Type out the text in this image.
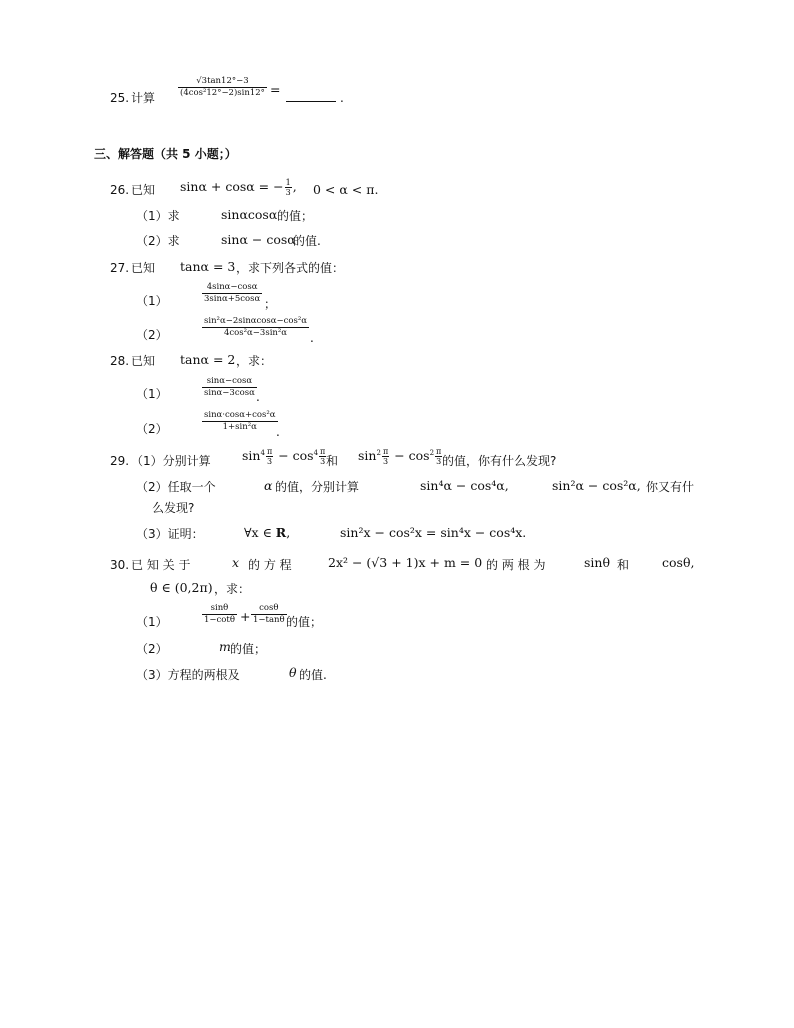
25. 计算	$\frac{√3\tan 12^\circ-3}{\text{(4cos²12°−2)sin12°}}$ =
.
三、解答题（共 5 小题；）
26. 已知 sinα + cosα = − $\frac{1}{3}$ , 0 < α < π.
（1）求	sinαcosα 的值；
（2）求	sinα − cosα
的值.
27. 已知 tanα = 3 ，求下列各式的值：
（1）	$\frac{4\sin\alpha-\cos\alpha}{3\sin\alpha+5\cos\alpha}$ ；
（2）	$\frac{\text{sin²α−2sinαcosα−cos²α}}{\text{4cos²α−3sin²α}}$ .
28. 已知 tanα = 2 ，求：
（1）	$\frac{\sin\alpha-\cos\alpha}{\sin\alpha-3\cos\alpha}$ .
（2）	$\frac{\text{sinα·cosα+cos²α}}{\text{1+sin²α}}$
.
29. （1）分别计算	$\sin^4 \frac{\pi}{3} - \cos^4 \frac{\pi}{3}$ 和 $\sin^2 \frac{\pi}{3} - \cos^2 \frac{\pi}{3}$ 的值，你有什么发现?
（2）任取一个	α 的值，分别计算	sin⁴α − cos⁴α,	sin²α − cos²α, 你又有什
么发现?
（3）证明：	∀x ∈ R,	sin²x − cos²x = sin⁴x − cos⁴x.
30. 已 知 关 于	x 的 方 程	2x² − (√3 + 1)x + m = 0 的 两 根 为	sinθ 和	cosθ,
θ ∈ (0,2π) ，求：
（1）	$\frac{\sin\theta}{1-\cot\theta} + \frac{\cos\theta}{1-\tan\theta}$ 的值；
（2）	m 的值；
（3）方程的两根及	θ 的值.
